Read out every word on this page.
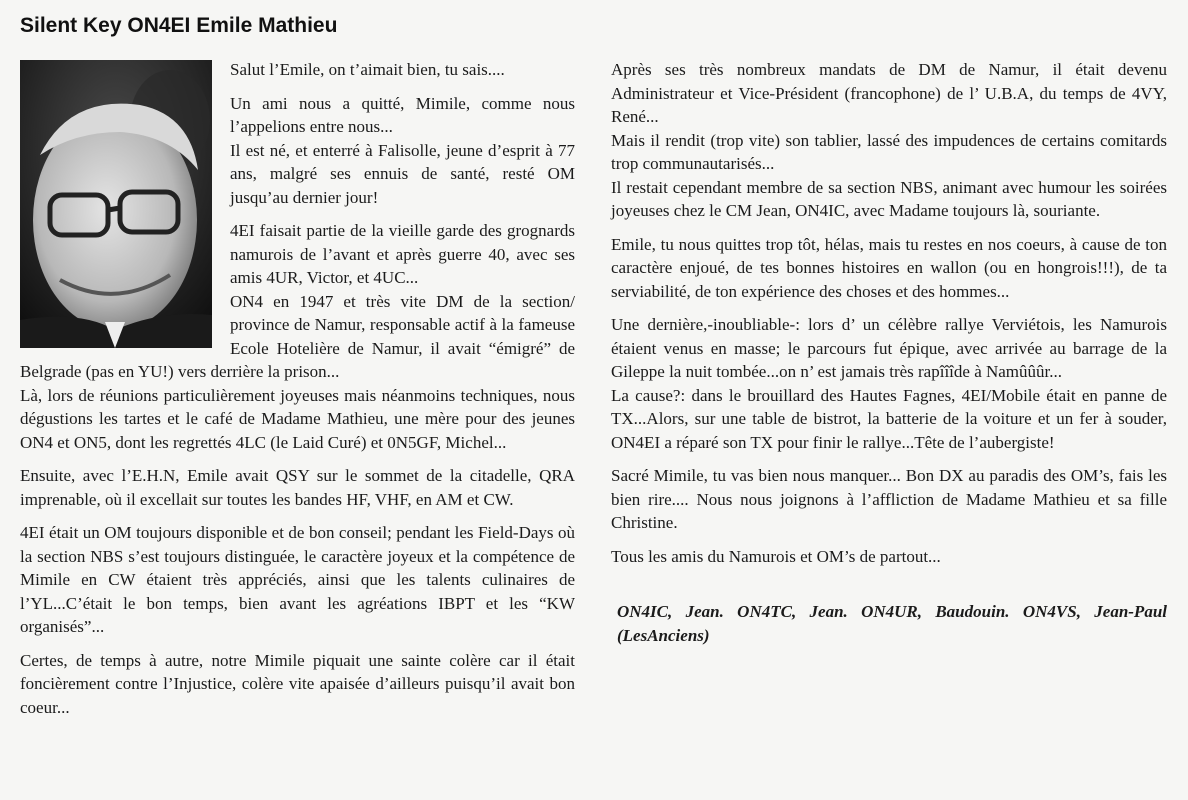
Silent Key ON4EI Emile Mathieu

Salut l’Emile, on t’aimait bien, tu sais....

Un ami nous a quitté, Mimile, comme nous l’appelions entre nous...

Il est né, et enterré à Falisolle, jeune d’esprit à 77 ans, malgré ses ennuis de santé, resté OM jusqu’au dernier jour!

4EI faisait partie de la vieille garde des grognards namurois de l’avant et après guerre 40, avec ses amis 4UR, Victor, et 4UC...

ON4 en 1947 et très vite DM de la section/ province de Namur, responsable actif à la fameuse Ecole Hotelière de Namur, il avait “émigré” de Belgrade (pas en YU!) vers derrière la prison...

Là, lors de réunions particulièrement joyeuses mais néanmoins techniques, nous dégustions les tartes et le café de Madame Mathieu, une mère pour des jeunes ON4 et ON5, dont les regrettés 4LC (le Laid Curé) et 0N5GF, Michel...

Ensuite, avec l’E.H.N, Emile avait QSY sur le sommet de la citadelle, QRA imprenable, où il excellait sur toutes les bandes HF, VHF, en AM et CW.

4EI était un OM toujours disponible et de bon conseil; pendant les Field-Days où la section NBS s’est toujours distinguée, le caractère joyeux et la compétence de Mimile en CW étaient très appréciés, ainsi que les talents culinaires de l’YL...C’était le bon temps, bien avant les agréations IBPT et les “KW organisés”...

Certes, de temps à autre, notre Mimile piquait une sainte colère car il était foncièrement contre l’Injustice, colère vite apaisée d’ailleurs puisqu’il avait bon coeur...

Après ses très nombreux mandats de DM de Namur, il était devenu Administrateur et Vice-Président (francophone) de l’ U.B.A, du temps de 4VY, René...

Mais il rendit (trop vite) son tablier, lassé des impudences de certains comitards trop communautarisés...

Il restait cependant membre de sa section NBS, animant avec humour les soirées joyeuses chez le CM Jean, ON4IC, avec Madame toujours là, souriante.

Emile, tu nous quittes trop tôt, hélas, mais tu restes en nos coeurs, à cause de ton caractère enjoué, de tes bonnes histoires en wallon (ou en hongrois!!!), de ta serviabilité, de ton expérience des choses et des hommes...

Une dernière,-inoubliable-: lors d’ un célèbre rallye Verviétois, les Namurois étaient venus en masse; le parcours fut épique, avec arrivée au barrage de la Gileppe la nuit tombée...on n’ est jamais très rapîîîde à Namûûûr...

La cause?: dans le brouillard des Hautes Fagnes, 4EI/Mobile était en panne de TX...Alors, sur une table de bistrot, la batterie de la voiture et un fer à souder, ON4EI a réparé son TX pour finir le rallye...Tête de l’aubergiste!

Sacré Mimile, tu vas bien nous manquer... Bon DX au paradis des OM’s, fais les bien rire.... Nous nous joignons à l’affliction de Madame Mathieu et sa fille Christine.

Tous les amis du Namurois et OM’s de partout...

ON4IC, Jean. ON4TC, Jean. ON4UR, Baudouin. ON4VS, Jean-Paul (LesAnciens)
